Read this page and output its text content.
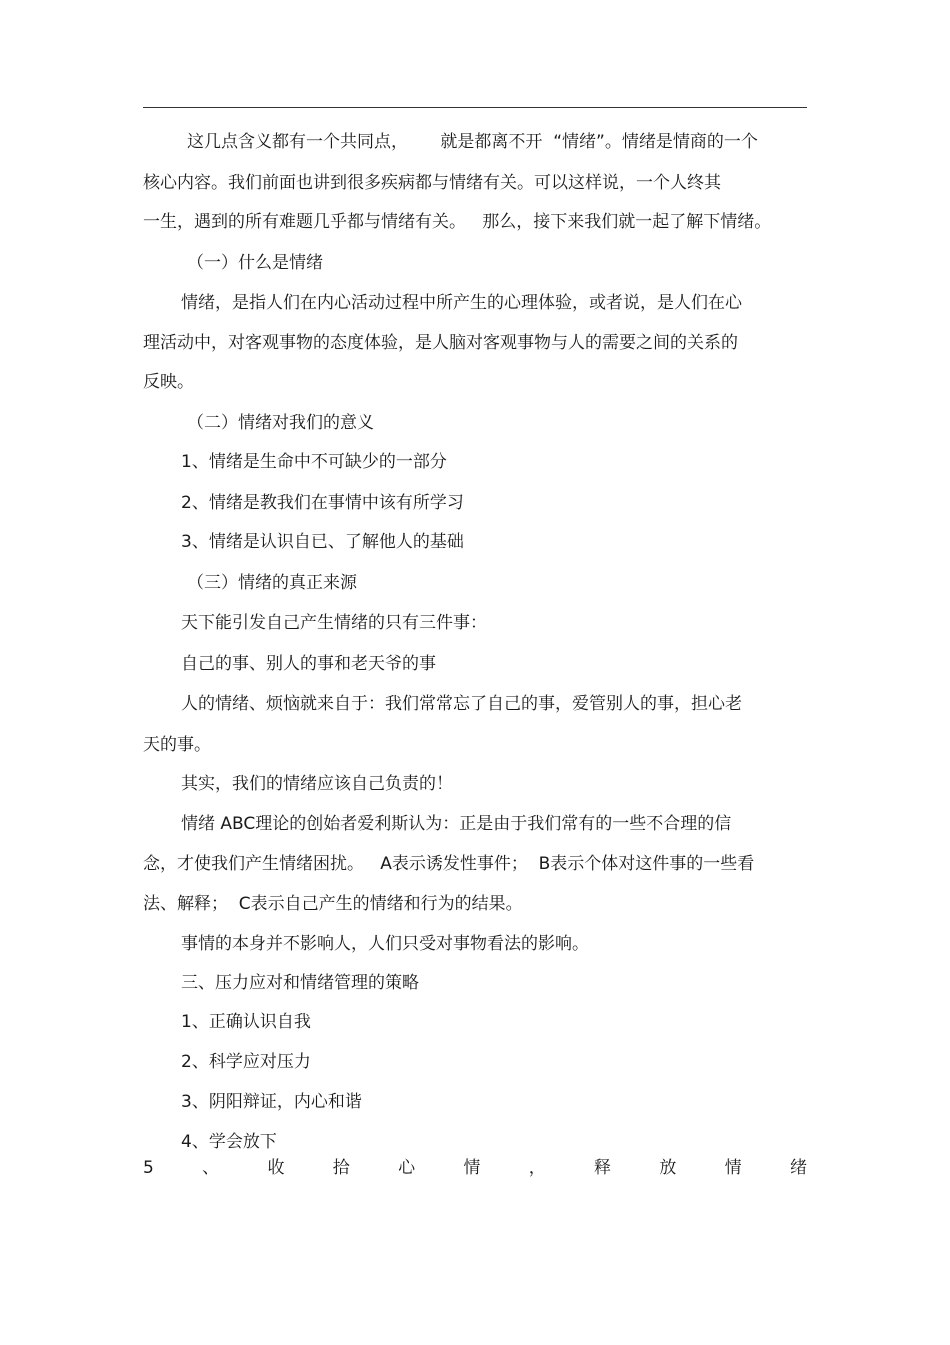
这几点含义都有一个共同点，      就是都离不开  “情绪”。情绪是情商的一个
核心内容。我们前面也讲到很多疾病都与情绪有关。可以这样说，一个人终其
一生，遇到的所有难题几乎都与情绪有关。   那么，接下来我们就一起了解下情绪。
（一）什么是情绪
情绪，是指人们在内心活动过程中所产生的心理体验，或者说，是人们在心
理活动中，对客观事物的态度体验，是人脑对客观事物与人的需要之间的关系的
反映。
（二）情绪对我们的意义
1、情绪是生命中不可缺少的一部分
2、情绪是教我们在事情中该有所学习
3、情绪是认识自已、了解他人的基础
（三）情绪的真正来源
天下能引发自己产生情绪的只有三件事：
自己的事、别人的事和老天爷的事
人的情绪、烦恼就来自于：我们常常忘了自己的事，爱管别人的事，担心老
天的事。
其实，我们的情绪应该自己负责的！
情绪 ABC理论的创始者爱利斯认为：正是由于我们常有的一些不合理的信
念，才使我们产生情绪困扰。   A表示诱发性事件；  B表示个体对这件事的一些看
法、解释；  C表示自己产生的情绪和行为的结果。
事情的本身并不影响人，人们只受对事物看法的影响。
三、压力应对和情绪管理的策略
1、正确认识自我
2、科学应对压力
3、阴阳辩证，内心和谐
4、学会放下
5	、	收	拾	心	情	，	释	放	情	绪
